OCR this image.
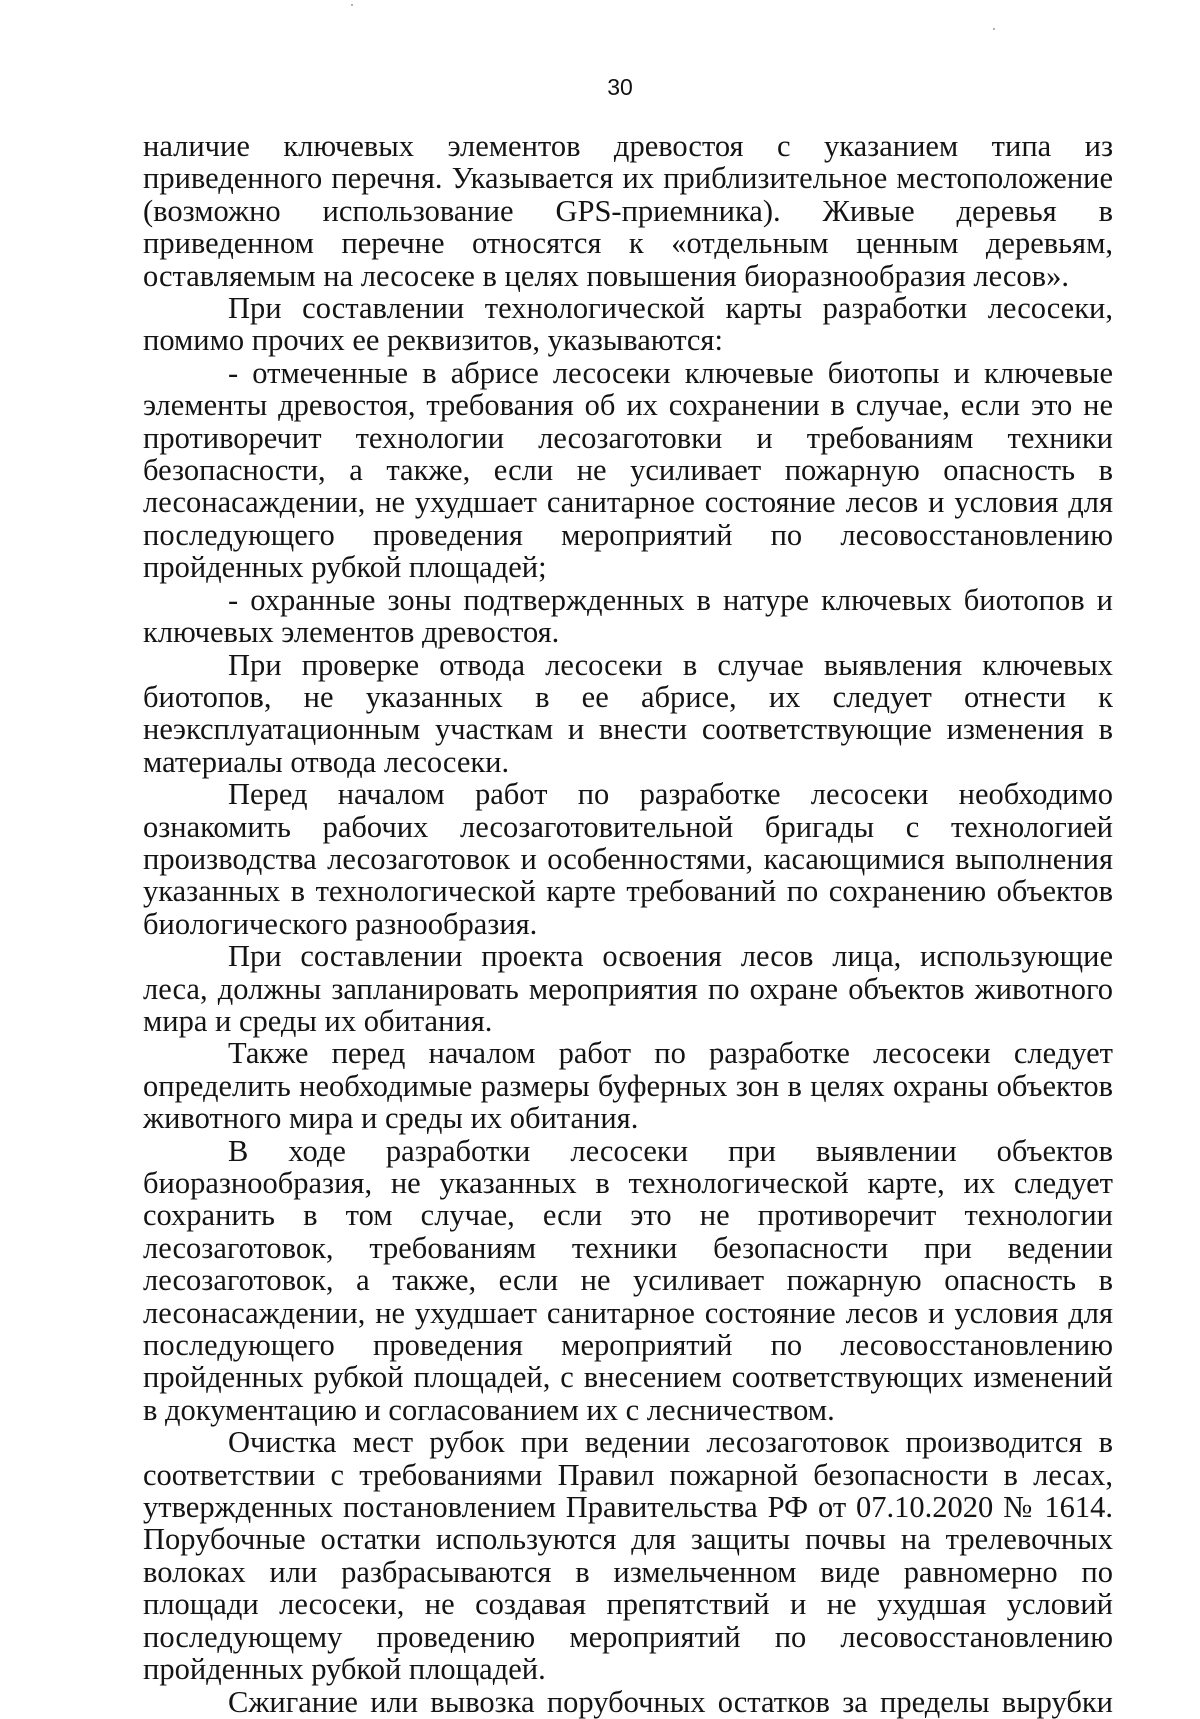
30

наличие ключевых элементов древостоя с указанием типа из приведенного перечня. Указывается их приблизительное местоположение (возможно использование GPS-приемника). Живые деревья в приведенном перечне относятся к «отдельным ценным деревьям, оставляемым на лесосеке в целях повышения биоразнообразия лесов».

При составлении технологической карты разработки лесосеки, помимо прочих ее реквизитов, указываются:

- отмеченные в абрисе лесосеки ключевые биотопы и ключевые элементы древостоя, требования об их сохранении в случае, если это не противоречит технологии лесозаготовки и требованиям техники безопасности, а также, если не усиливает пожарную опасность в лесонасаждении, не ухудшает санитарное состояние лесов и условия для последующего проведения мероприятий по лесовосстановлению пройденных рубкой площадей;

- охранные зоны подтвержденных в натуре ключевых биотопов и ключевых элементов древостоя.

При проверке отвода лесосеки в случае выявления ключевых биотопов, не указанных в ее абрисе, их следует отнести к неэксплуатационным участкам и внести соответствующие изменения в материалы отвода лесосеки.

Перед началом работ по разработке лесосеки необходимо ознакомить рабочих лесозаготовительной бригады с технологией производства лесозаготовок и особенностями, касающимися выполнения указанных в технологической карте требований по сохранению объектов биологического разнообразия.

При составлении проекта освоения лесов лица, использующие леса, должны запланировать мероприятия по охране объектов животного мира и среды их обитания.

Также перед началом работ по разработке лесосеки следует определить необходимые размеры буферных зон в целях охраны объектов животного мира и среды их обитания.

В ходе разработки лесосеки при выявлении объектов биоразнообразия, не указанных в технологической карте, их следует сохранить в том случае, если это не противоречит технологии лесозаготовок, требованиям техники безопасности при ведении лесозаготовок, а также, если не усиливает пожарную опасность в лесонасаждении, не ухудшает санитарное состояние лесов и условия для последующего проведения мероприятий по лесовосстановлению пройденных рубкой площадей, с внесением соответствующих изменений в документацию и согласованием их с лесничеством.

Очистка мест рубок при ведении лесозаготовок производится в соответствии с требованиями Правил пожарной безопасности в лесах, утвержденных постановлением Правительства РФ от 07.10.2020 № 1614. Порубочные остатки используются для защиты почвы на трелевочных волоках или разбрасываются в измельченном виде равномерно по площади лесосеки, не создавая препятствий и не ухудшая условий последующему проведению мероприятий по лесовосстановлению пройденных рубкой площадей.

Сжигание или вывозка порубочных остатков за пределы вырубки
